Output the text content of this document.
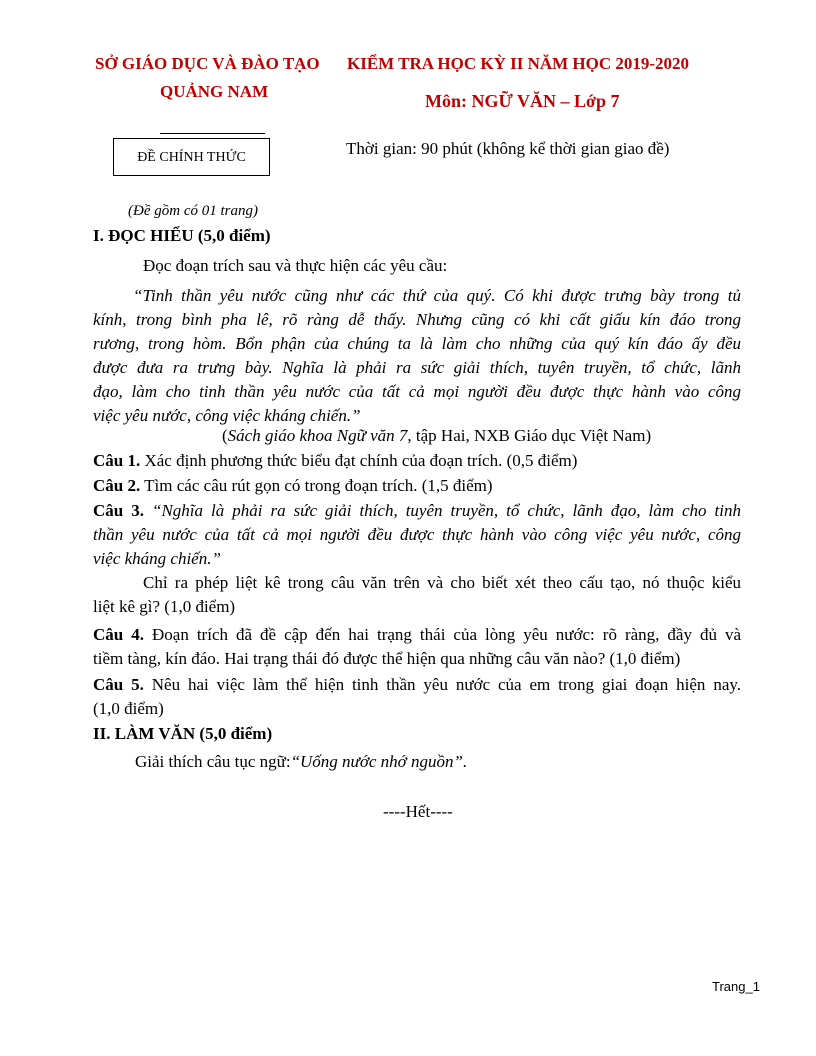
SỞ GIÁO DỤC VÀ ĐÀO TẠO
QUẢNG NAM
KIỂM TRA HỌC KỲ II NĂM HỌC 2019-2020
Môn: NGỮ VĂN – Lớp 7
ĐỀ CHÍNH THỨC	Thời gian: 90 phút (không kể thời gian giao đề)
(Đề gồm có 01 trang)
I. ĐỌC HIỂU (5,0 điểm)
Đọc đoạn trích sau và thực hiện các yêu cầu:
“Tinh thần yêu nước cũng như các thứ của quý. Có khi được trưng bày trong tủ
kính, trong bình pha lê, rõ ràng dễ thấy. Nhưng cũng có khi cất giấu kín đáo trong
rương, trong hòm. Bổn phận của chúng ta là làm cho những của quý kín đáo ấy đều
được đưa ra trưng bày. Nghĩa là phải ra sức giải thích, tuyên truyền, tổ chức, lãnh
đạo, làm cho tinh thần yêu nước của tất cả mọi người đều được thực hành vào công
việc yêu nước, công việc kháng chiến.”
(Sách giáo khoa Ngữ văn 7, tập Hai, NXB Giáo dục Việt Nam)
Câu 1. Xác định phương thức biểu đạt chính của đoạn trích. (0,5 điểm)
Câu 2. Tìm các câu rút gọn có trong đoạn trích. (1,5 điểm)
Câu 3. “Nghĩa là phải ra sức giải thích, tuyên truyền, tổ chức, lãnh đạo, làm cho tinh
thần yêu nước của tất cả mọi người đều được thực hành vào công việc yêu nước, công
việc kháng chiến.”
Chỉ ra phép liệt kê trong câu văn trên và cho biết xét theo cấu tạo, nó thuộc kiểu
liệt kê gì? (1,0 điểm)
Câu 4. Đoạn trích đã đề cập đến hai trạng thái của lòng yêu nước: rõ ràng, đầy đủ và
tiềm tàng, kín đáo. Hai trạng thái đó được thể hiện qua những câu văn nào? (1,0 điểm)
Câu 5. Nêu hai việc làm thể hiện tinh thần yêu nước của em trong giai đoạn hiện nay.
(1,0 điểm)
II. LÀM VĂN (5,0 điểm)
Giải thích câu tục ngữ:“Uống nước nhớ nguồn”.
----Hết----
Trang_1
